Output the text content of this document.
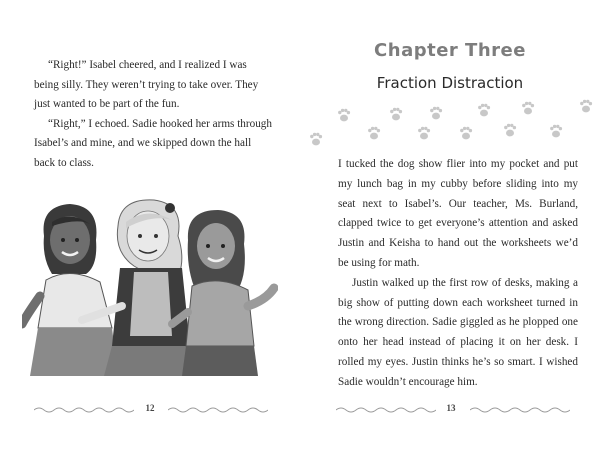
“Right!” Isabel cheered, and I realized I was being silly. They weren’t trying to take over. They just wanted to be part of the fun.

“Right,” I echoed. Sadie hooked her arms through Isabel’s and mine, and we skipped down the hall back to class.

12
Chapter Three
Fraction Distraction

I tucked the dog show flier into my pocket and put my lunch bag in my cubby before sliding into my seat next to Isabel’s. Our teacher, Ms. Burland, clapped twice to get everyone’s attention and asked Justin and Keisha to hand out the worksheets we’d be using for math.

Justin walked up the first row of desks, making a big show of putting down each worksheet turned in the wrong direction. Sadie giggled as he plopped one onto her head instead of placing it on her desk. I rolled my eyes. Justin thinks he’s so smart. I wished Sadie wouldn’t encourage him.

13
